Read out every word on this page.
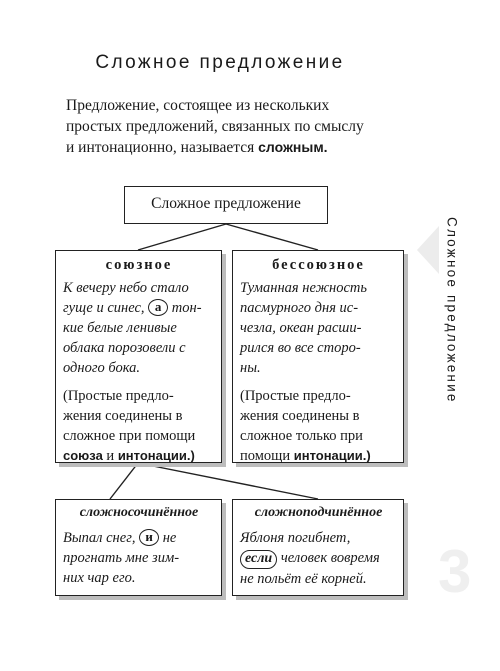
Сложное предложение
Предложение, состоящее из нескольких
простых предложений, связанных по смыслу
и интонационно, называется сложным.
Сложное предложение
союзное
К вечеру небо стало
гуще и синес, а тон-
кие белые ленивые
облака порозовели с
одного бока.
(Простые предло-
жения соединены в
сложное при помощи
союза и интонации.)
бессоюзное
Туманная нежность
пасмурного дня ис-
чезла, океан расши-
рился во все сторо-
ны.
(Простые предло-
жения соединены в
сложное только при
помощи интонации.)
сложносочинённое
Выпал снег, и не
прогнать мне зим-
них чар его.
сложноподчинённое
Яблоня погибнет,
если человек вовремя
не польёт её корней.
Сложное предложение
3
